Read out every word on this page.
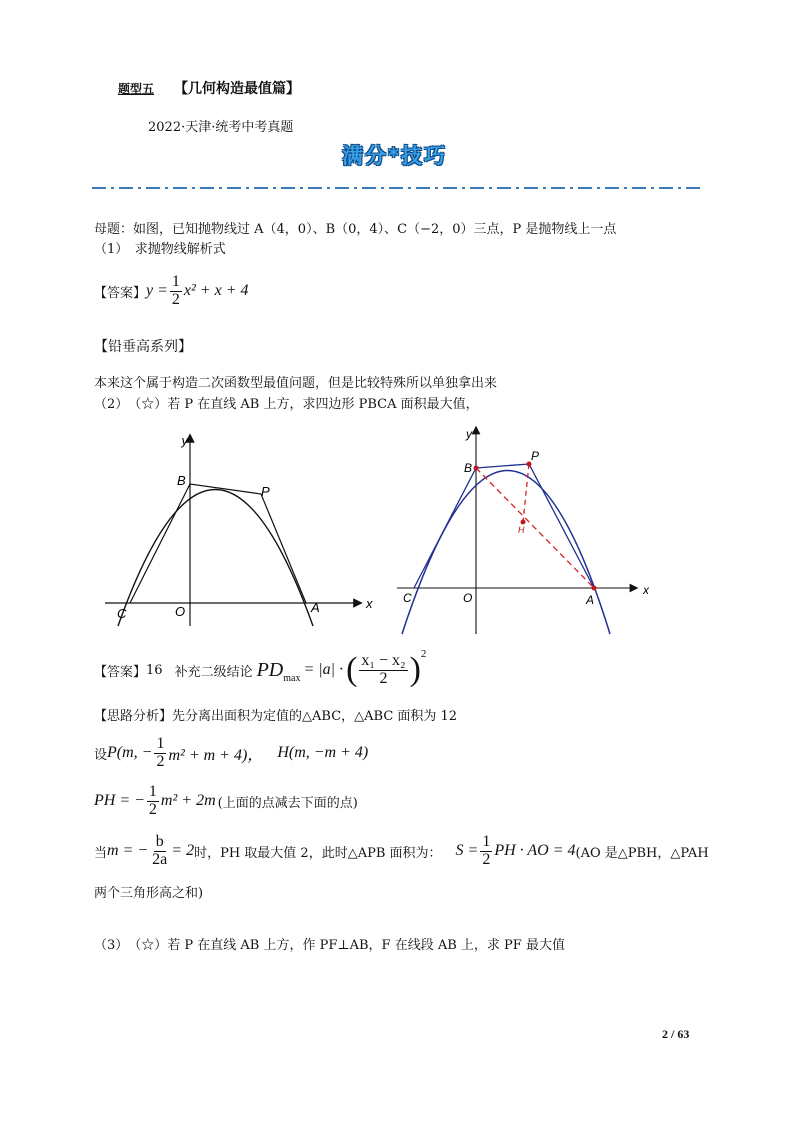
题型五 【几何构造最值篇】
2022·天津·统考中考真题
满分*技巧
母题：如图，已知抛物线过 A（4，0）、B（0，4）、C（−2，0）三点，P 是抛物线上一点
（1）　求抛物线解析式
【答案】 $y = \frac{1}{2} x^2 + x + 4$
【铅垂高系列】
本来这个属于构造二次函数型最值问题，但是比较特殊所以单独拿出来
（2）　（☆）若 P 在直线 AB 上方，求四边形 PBCA 面积最大值，
y
x
B
P
C	O	A
y
x
B
P
H
C	O	A
【答案】 16 补充二级结论 PD max
= |a| · ( $\frac{\text{x₁ − x₂}}{2}$ ) 2
【思路分析】 先分离出面积为定值的△ABC，△ABC 面积为 12
设 P(m, − $\frac{1}{2} m^2 + m + 4$)， H(m, −m + 4)
PH = − $\frac{1}{2} m^2 + 2m$ (上面的点减去下面的点)
当 m = − $\frac{b}{2a} = 2$ 时，PH 取最大值 2，此时△APB 面积为： $S = \frac{1}{2}$ PH · AO = 4 (AO 是△PBH，△PAH
两个三角形高之和)
（3）　（☆）若 P 在直线 AB 上方，作 PF⊥AB，F 在线段 AB 上，求 PF 最大值
2 / 63
